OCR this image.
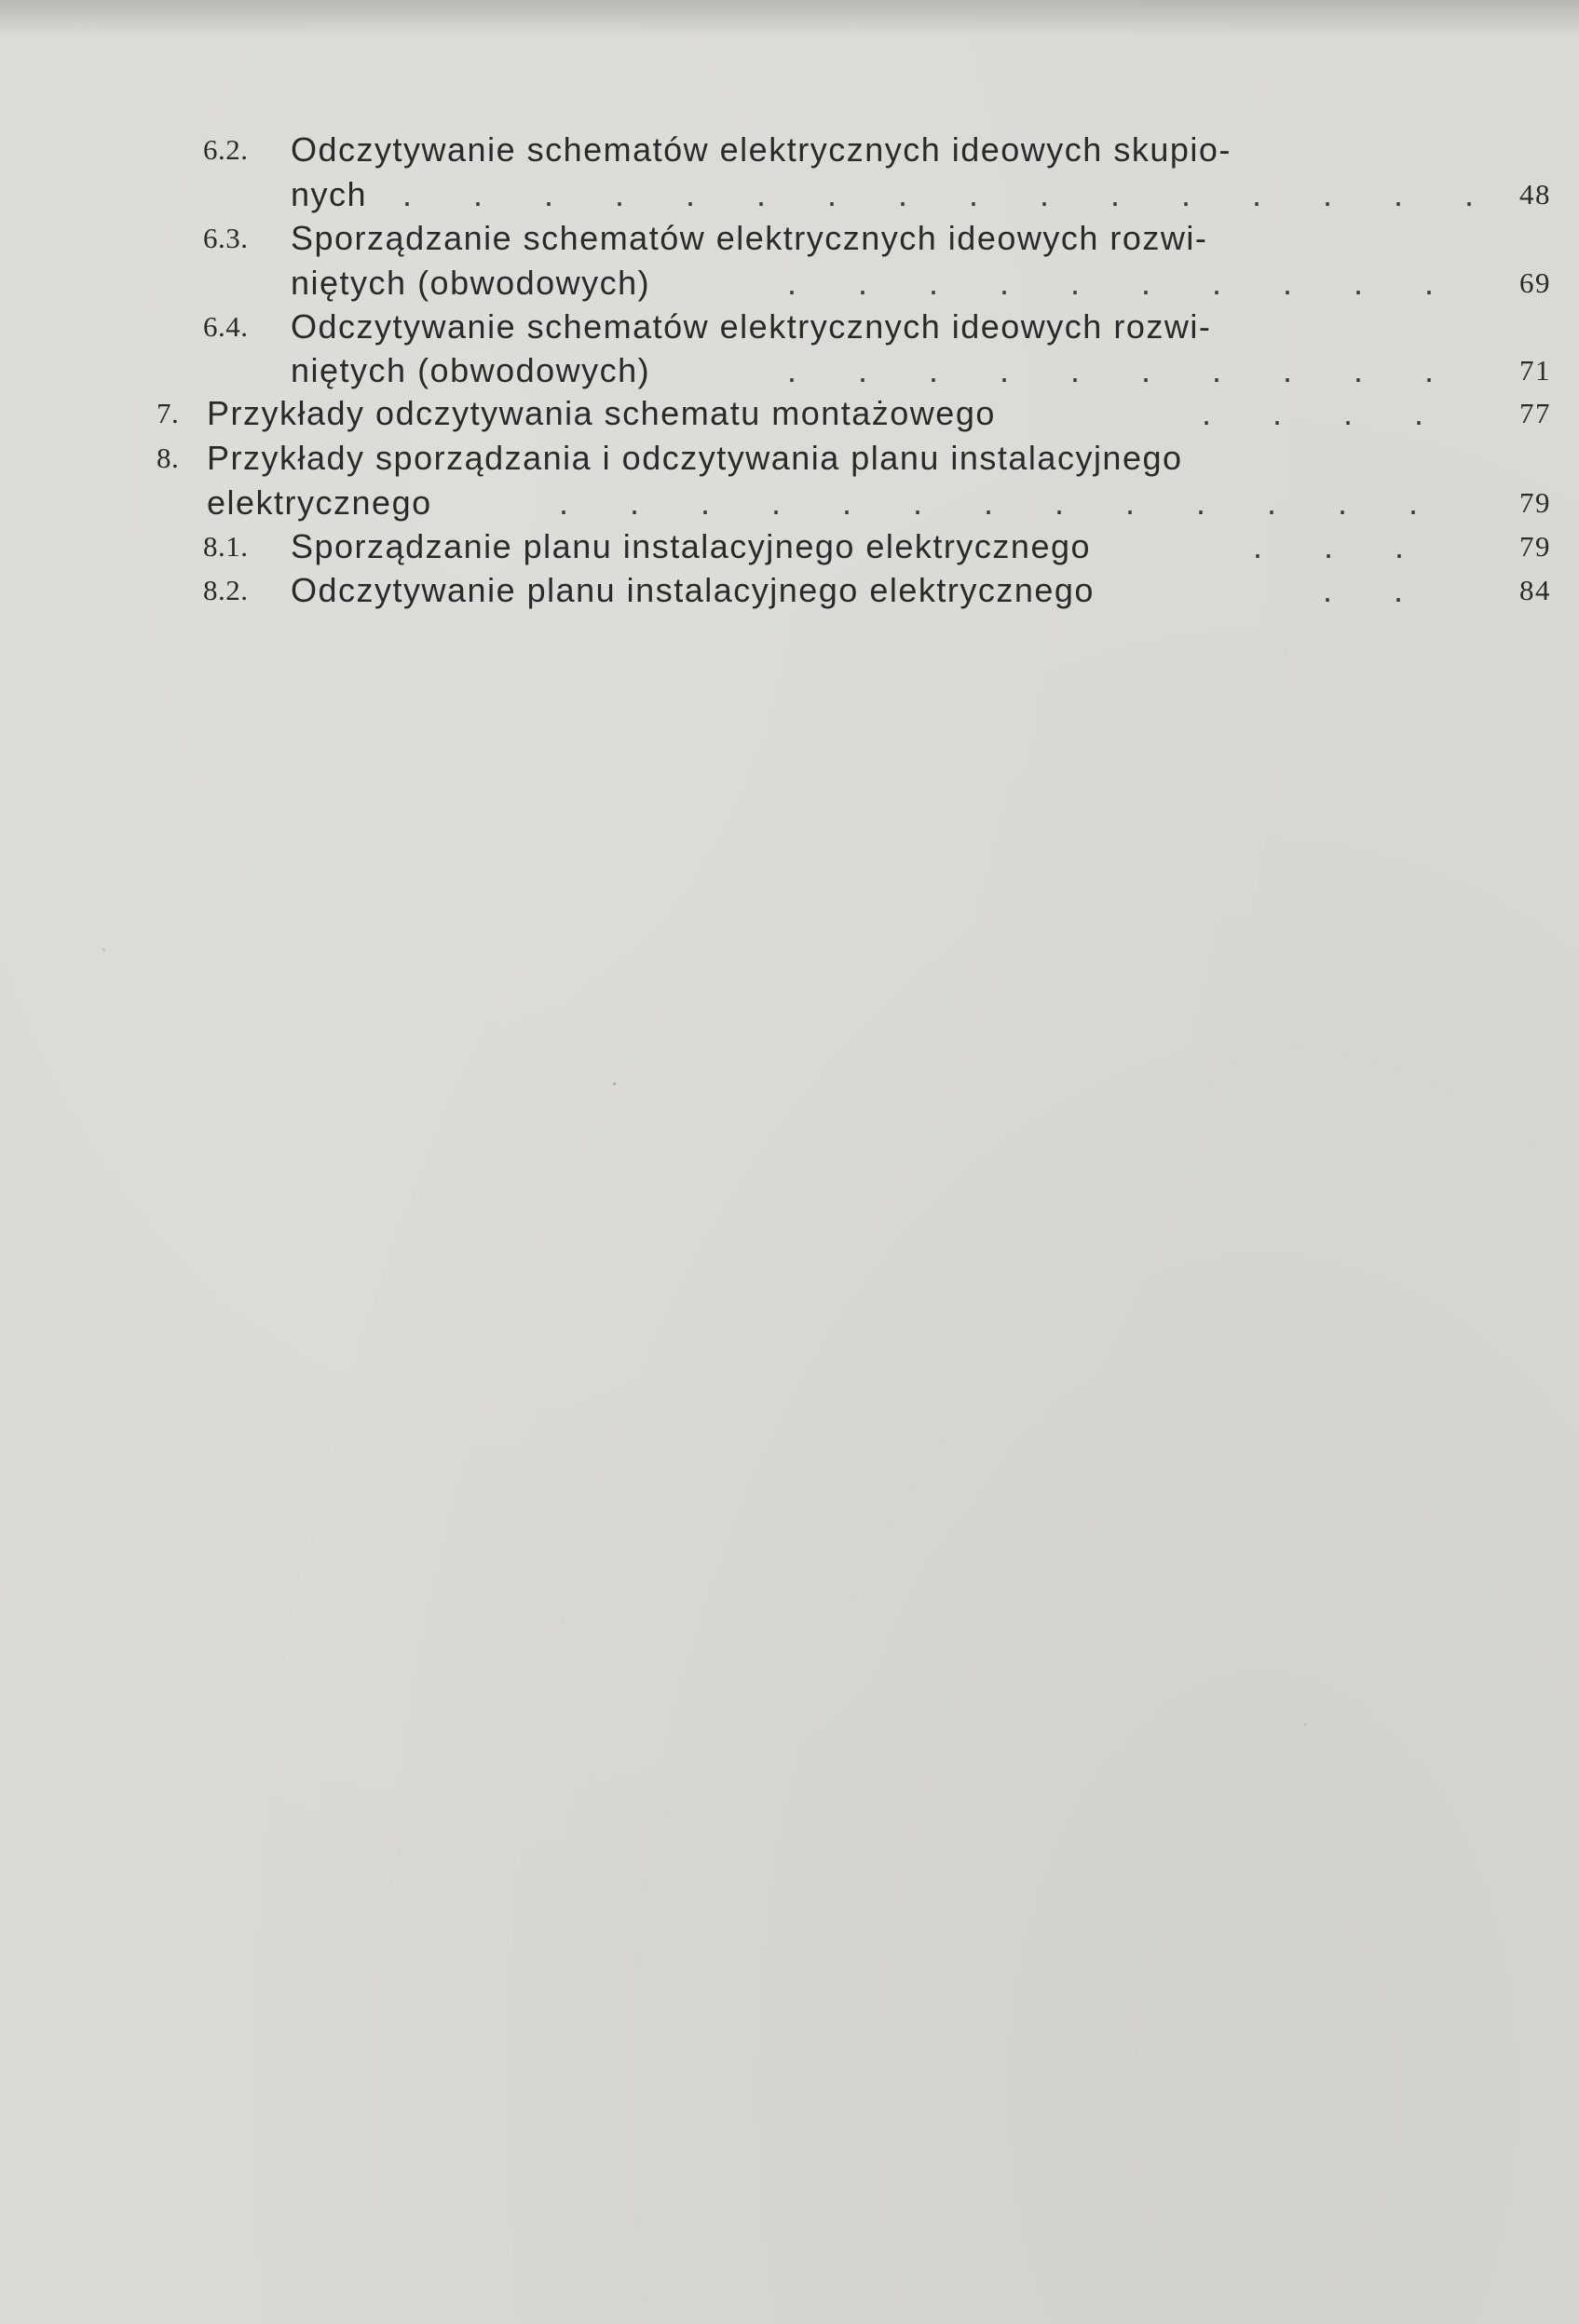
6.2. Odczytywanie schematów elektrycznych ideowych skupio-
nych . . . . . . . . . . . . . . . . 48
6.3. Sporządzanie schematów elektrycznych ideowych rozwi-
niętych (obwodowych)	. . . . . . . . . . 69
6.4. Odczytywanie schematów elektrycznych ideowych rozwi-
niętych (obwodowych)	. . . . . . . . . . 71
7. Przykłady odczytywania schematu montażowego	. . . . 77
8. Przykłady sporządzania i odczytywania planu instalacyjnego
elektrycznego	. . . . . . . . . . . . .	79
8.1. Sporządzanie planu instalacyjnego elektrycznego	. . .	79
8.2. Odczytywanie planu instalacyjnego elektrycznego	. .	84
